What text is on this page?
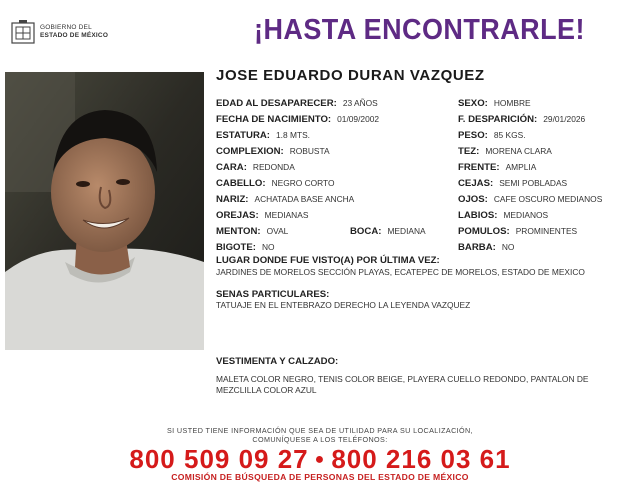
GOBIERNO DEL
ESTADO DE MÉXICO	¡HASTA ENCONTRARLE!
JOSE EDUARDO DURAN VAZQUEZ
EDAD AL DESAPARECER: 23 AÑOS
FECHA DE NACIMIENTO: 01/09/2002
ESTATURA: 1.8 MTS.
COMPLEXION: ROBUSTA
CARA: REDONDA
CABELLO: NEGRO CORTO
NARIZ: ACHATADA BASE ANCHA
OREJAS: MEDIANAS
MENTON: OVAL	BOCA: MEDIANA
BIGOTE: NO
SEXO: HOMBRE
F. DESPARICIÓN: 29/01/2026
PESO: 85 KGS.
TEZ: MORENA CLARA
FRENTE: AMPLIA
CEJAS: SEMI POBLADAS
OJOS: CAFE OSCURO MEDIANOS
LABIOS: MEDIANOS
POMULOS: PROMINENTES
BARBA: NO
LUGAR DONDE FUE VISTO(A) POR ÚLTIMA VEZ:
JARDINES DE MORELOS SECCIÓN PLAYAS, ECATEPEC DE MORELOS, ESTADO DE MEXICO
SENAS PARTICULARES:
TATUAJE EN EL ENTEBRAZO DERECHO LA LEYENDA VAZQUEZ
VESTIMENTA Y CALZADO:
MALETA COLOR NEGRO, TENIS COLOR BEIGE, PLAYERA CUELLO REDONDO, PANTALON DE MEZCLILLA COLOR AZUL
SI USTED TIENE INFORMACIÓN QUE SEA DE UTILIDAD PARA SU LOCALIZACIÓN,
COMUNÍQUESE A LOS TELÉFONOS:
800 509 09 27 ● 800 216 03 61
COMISIÓN DE BÚSQUEDA DE PERSONAS DEL ESTADO DE MÉXICO
